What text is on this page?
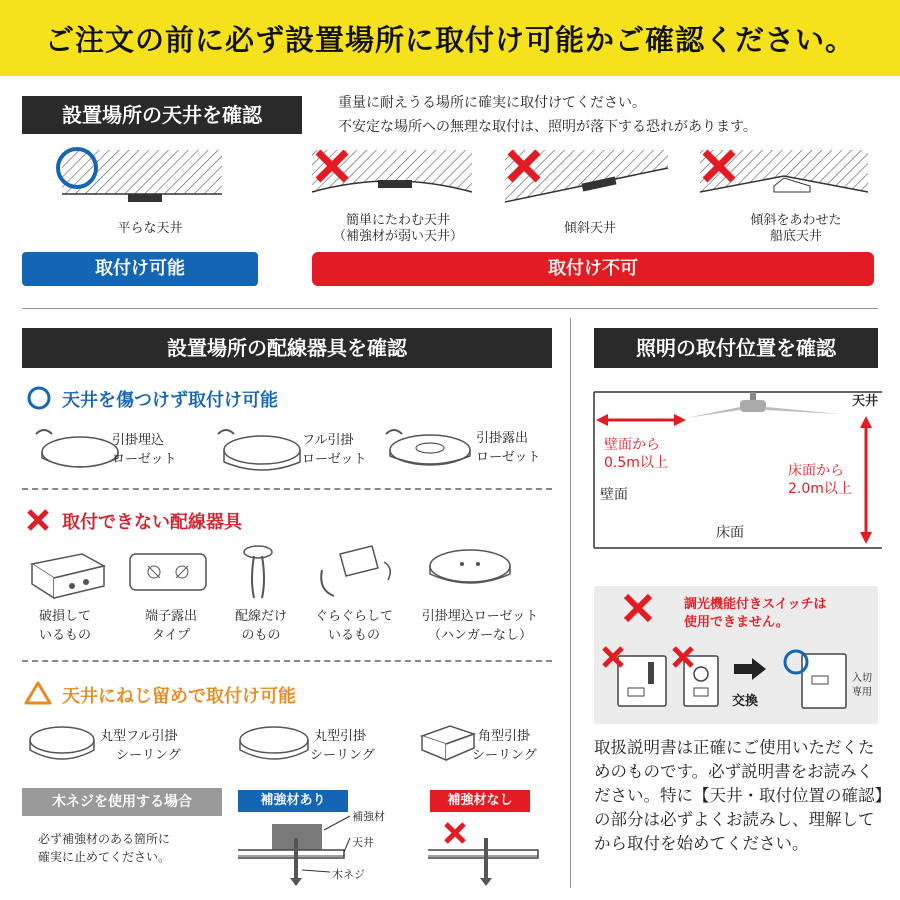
ご注文の前に必ず設置場所に取付け可能かご確認ください。
設置場所の天井を確認	重量に耐えうる場所に確実に取付けてください。
不安定な場所への無理な取付は、照明が落下する恐れがあります。
平らな天井
簡単にたわむ天井
（補強材が弱い天井）
傾斜天井
傾斜をあわせた
船底天井
取付け可能	取付け不可
設置場所の配線器具を確認
天井を傷つけず取付け可能
引掛埋込
ローゼット
フル引掛
ローゼット
引掛露出
ローゼット
取付できない配線器具
破損して
いるもの
端子露出
タイプ
配線だけ
のもの
ぐらぐらして
いるもの
引掛埋込ローゼット
（ハンガーなし）
天井にねじ留めで取付け可能
丸型フル引掛
シーリング
丸型引掛
シーリング
角型引掛
シーリング
木ネジを使用する場合
必ず補強材のある箇所に
確実に止めてください。
補強材あり	補強材なし
補強材
天井
木ネジ
照明の取付位置を確認
天井
壁面から
0.5m以上	床面から
2.0m以上
壁面
床面
調光機能付きスイッチは
使用できません。
交換
入切
専用
取扱説明書は正確にご使用いただくためのものです。必ず説明書をお読みください。特に【天井・取付位置の確認】の部分は必ずよくお読みし、理解してから取付を始めてください。
